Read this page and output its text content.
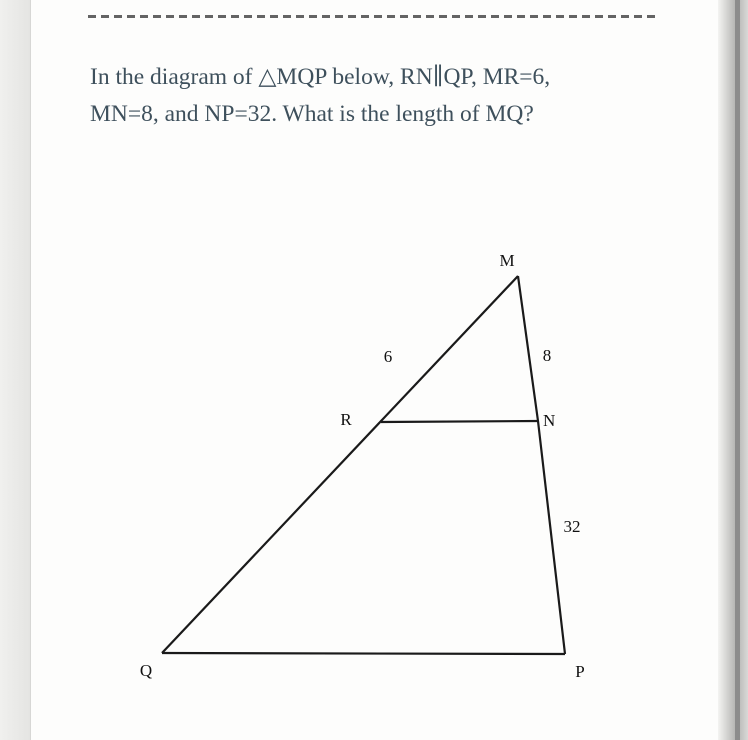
In the diagram of △MQP below, RN∥QP, MR=6,
MN=8, and NP=32. What is the length of MQ?
M
R	N
Q	P
6	8
32
